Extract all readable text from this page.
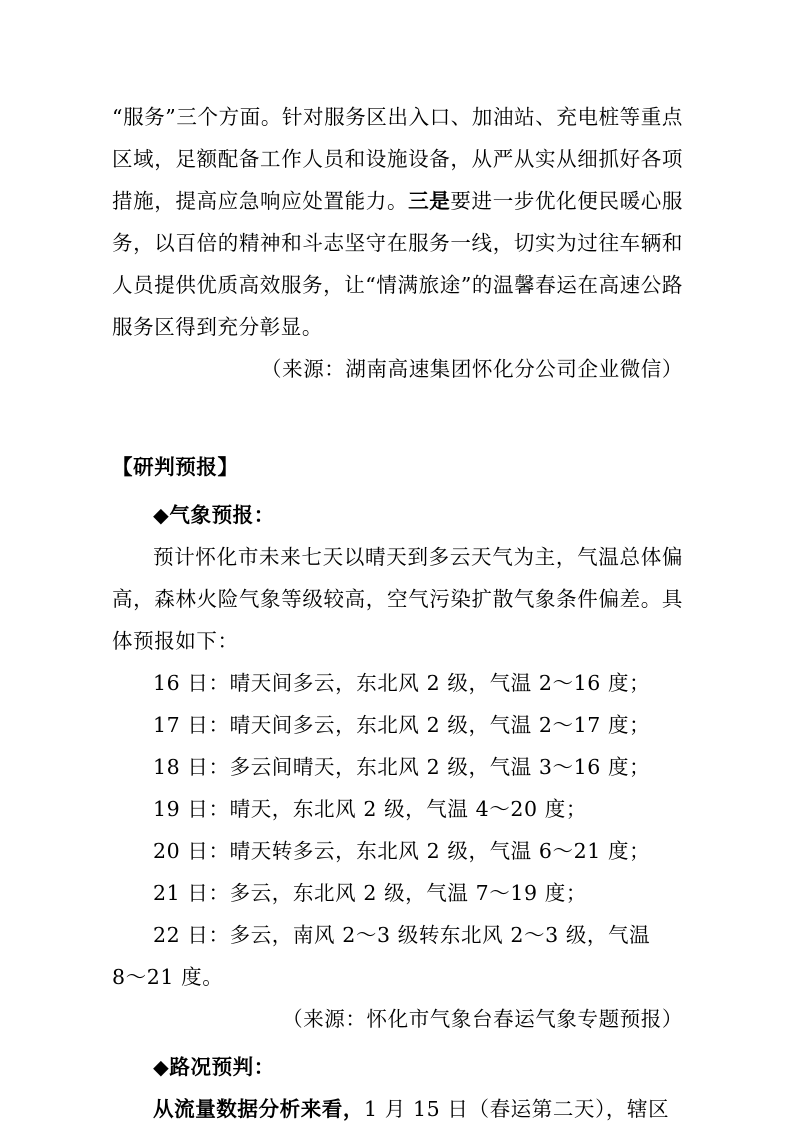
“服务”三个方面。针对服务区出入口、加油站、充电桩等重点区域，足额配备工作人员和设施设备，从严从实从细抓好各项措施，提高应急响应处置能力。三是要进一步优化便民暖心服务，以百倍的精神和斗志坚守在服务一线，切实为过往车辆和人员提供优质高效服务，让“情满旅途”的温馨春运在高速公路服务区得到充分彰显。

（来源：湖南高速集团怀化分公司企业微信）

【研判预报】

◆气象预报：

预计怀化市未来七天以晴天到多云天气为主，气温总体偏高，森林火险气象等级较高，空气污染扩散气象条件偏差。具体预报如下：

16 日：晴天间多云，东北风 2 级，气温 2～16 度；

17 日：晴天间多云，东北风 2 级，气温 2～17 度；

18 日：多云间晴天，东北风 2 级，气温 3～16 度；

19 日：晴天，东北风 2 级，气温 4～20 度；

20 日：晴天转多云，东北风 2 级，气温 6～21 度；

21 日：多云，东北风 2 级，气温 7～19 度；

22 日：多云，南风 2～3 级转东北风 2～3 级，气温

8～21 度。

（来源：怀化市气象台春运气象专题预报）

◆路况预判：

从流量数据分析来看，1 月 15 日（春运第二天），辖区
